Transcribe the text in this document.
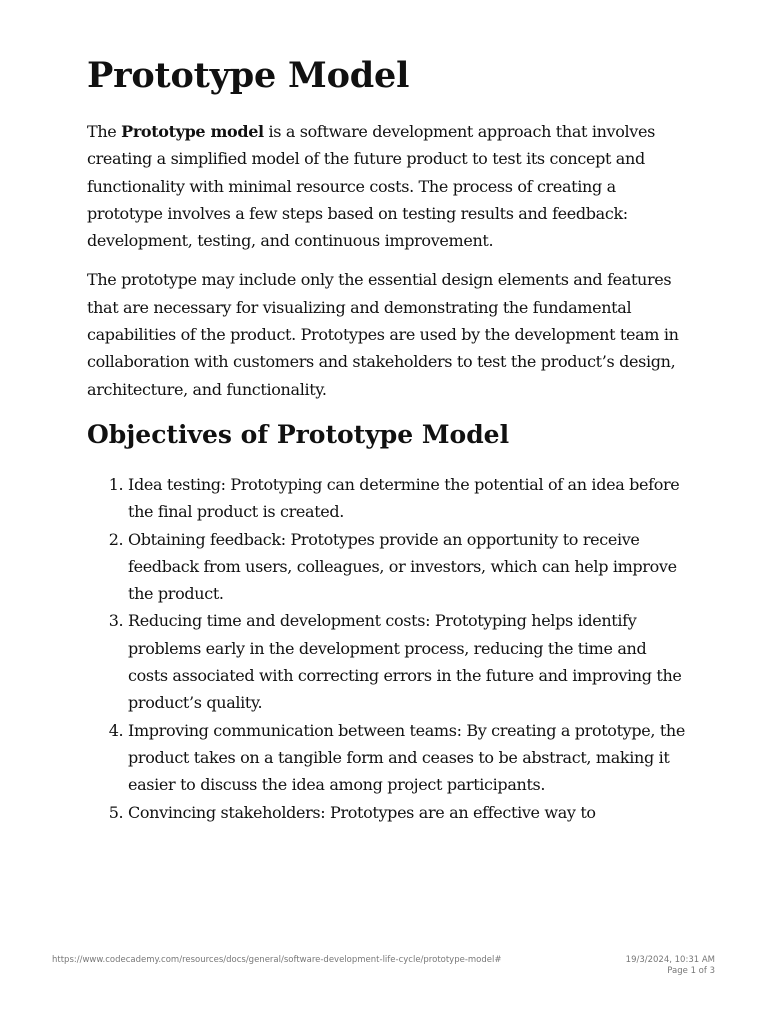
Prototype Model

The Prototype model is a software development approach that involves creating a simplified model of the future product to test its concept and functionality with minimal resource costs. The process of creating a prototype involves a few steps based on testing results and feedback: development, testing, and continuous improvement.

The prototype may include only the essential design elements and features that are necessary for visualizing and demonstrating the fundamental capabilities of the product. Prototypes are used by the development team in collaboration with customers and stakeholders to test the product’s design, architecture, and functionality.

Objectives of Prototype Model
1. Idea testing: Prototyping can determine the potential of an idea before the final product is created.
2. Obtaining feedback: Prototypes provide an opportunity to receive feedback from users, colleagues, or investors, which can help improve the product.
3. Reducing time and development costs: Prototyping helps identify problems early in the development process, reducing the time and costs associated with correcting errors in the future and improving the product’s quality.
4. Improving communication between teams: By creating a prototype, the product takes on a tangible form and ceases to be abstract, making it easier to discuss the idea among project participants.
5. Convincing stakeholders: Prototypes are an effective way to
https://www.codecademy.com/resources/docs/general/software-development-life-cycle/prototype-model#	19/3/2024, 10:31 AM
Page 1 of 3
